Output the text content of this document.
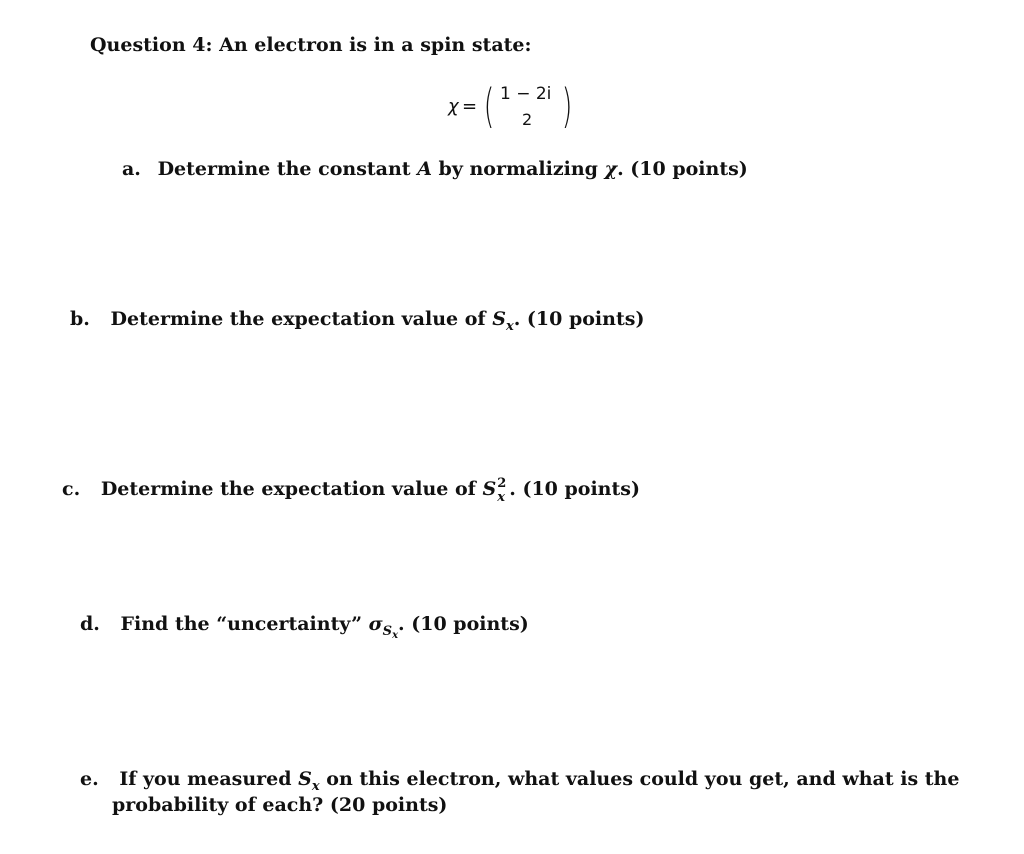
Question 4: An electron is in a spin state:
χ = ( 1 − 2i
2 )
a. Determine the constant A by normalizing χ. (10 points)
b. Determine the expectation value of $S_x$. (10 points)
c. Determine the expectation value of S 2
x . (10 points)
d. Find the “uncertainty” $\sigma_{S_x}$. (10 points)
e. If you measured $S_x$ on this electron, what values could you get, and what is the
probability of each? (20 points)
